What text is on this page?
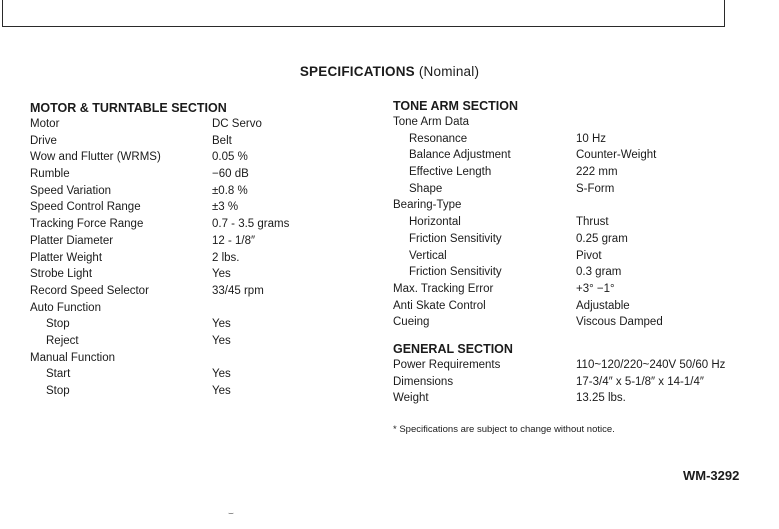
SPECIFICATIONS (Nominal)
MOTOR & TURNTABLE SECTION
Motor	DC Servo
Drive	Belt
Wow and Flutter (WRMS)	0.05 %
Rumble	−60 dB
Speed Variation	±0.8 %
Speed Control Range	±3 %
Tracking Force Range	0.7 - 3.5 grams
Platter Diameter	12 - 1/8″
Platter Weight	2 lbs.
Strobe Light	Yes
Record Speed Selector	33/45 rpm
Auto Function
Stop	Yes
Reject	Yes
Manual Function
Start	Yes
Stop	Yes
TONE ARM SECTION
Tone Arm Data
Resonance	10 Hz
Balance Adjustment	Counter-Weight
Effective Length	222 mm
Shape	S-Form
Bearing-Type
Horizontal	Thrust
Friction Sensitivity	0.25 gram
Vertical	Pivot
Friction Sensitivity	0.3 gram
Max. Tracking Error	+3° −1°
Anti Skate Control	Adjustable
Cueing	Viscous Damped
GENERAL SECTION
Power Requirements	110~120/220~240V 50/60 Hz
Dimensions	17-3/4″ x 5-1/8″ x 14-1/4″
Weight	13.25 lbs.
* Specifications are subject to change without notice.
WM-3292
⌣
